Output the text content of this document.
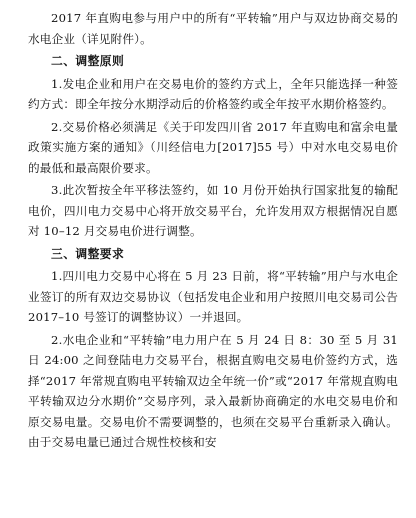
2017 年直购电参与用户中的所有“平转输”用户与双边协商交易的水电企业（详见附件）。

二、调整原则

1.发电企业和用户在交易电价的签约方式上，全年只能选择一种签约方式：即全年按分水期浮动后的价格签约或全年按平水期价格签约。

2.交易价格必须满足《关于印发四川省 2017 年直购电和富余电量政策实施方案的通知》（川经信电力[2017]55 号）中对水电交易电价的最低和最高限价要求。

3.此次暂按全年平移法签约，如 10 月份开始执行国家批复的输配电价，四川电力交易中心将开放交易平台，允许发用双方根据情况自愿对 10–12 月交易电价进行调整。

三、调整要求

1.四川电力交易中心将在 5 月 23 日前，将“平转输”用户与水电企业签订的所有双边交易协议（包括发电企业和用户按照川电交易司公告 2017–10 号签订的调整协议）一并退回。

2.水电企业和“平转输”电力用户在 5 月 24 日 8：30 至 5 月 31 日 24:00 之间登陆电力交易平台，根据直购电交易电价签约方式，选择“2017 年常规直购电平转输双边全年统一价”或“2017 年常规直购电平转输双边分水期价”交易序列，录入最新协商确定的水电交易电价和原交易电量。交易电价不需要调整的，也须在交易平台重新录入确认。由于交易电量已通过合规性校核和安
